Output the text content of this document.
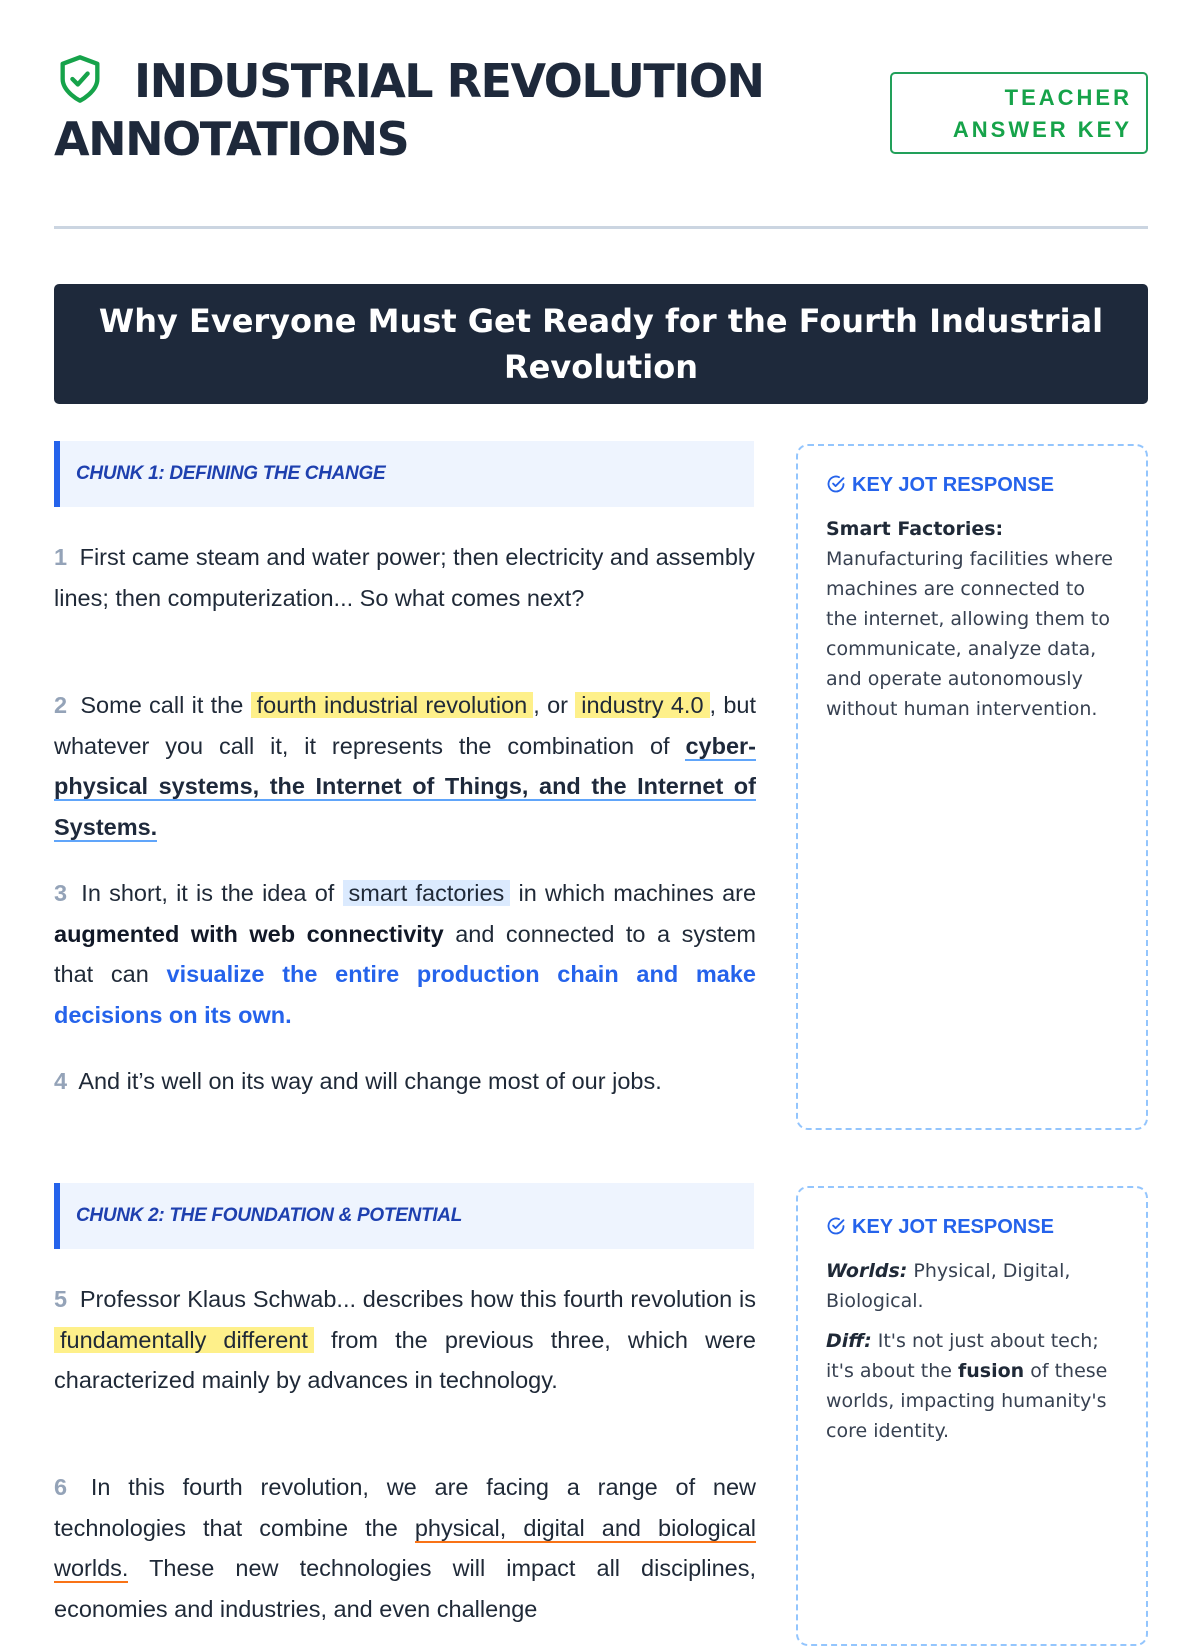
INDUSTRIAL REVOLUTION ANNOTATIONS
TEACHER ANSWER KEY
Why Everyone Must Get Ready for the Fourth Industrial Revolution
CHUNK 1: DEFINING THE CHANGE

1 First came steam and water power; then electricity and assembly lines; then computerization... So what comes next?

2 Some call it the fourth industrial revolution , or industry 4.0 , but whatever you call it, it represents the combination of cyber-physical systems, the Internet of Things, and the Internet of Systems.

3 In short, it is the idea of smart factories in which machines are augmented with web connectivity and connected to a system that can visualize the entire production chain and make decisions on its own.

4 And it’s well on its way and will change most of our jobs.

KEY JOT RESPONSE

Smart Factories: Manufacturing facilities where machines are connected to the internet, allowing them to communicate, analyze data, and operate autonomously without human intervention.

CHUNK 2: THE FOUNDATION & POTENTIAL

5 Professor Klaus Schwab... describes how this fourth revolution is fundamentally different from the previous three, which were characterized mainly by advances in technology.

6 In this fourth revolution, we are facing a range of new technologies that combine the physical, digital and biological worlds. These new technologies will impact all disciplines, economies and industries, and even challenge

KEY JOT RESPONSE

Worlds: Physical, Digital, Biological.

Diff: It's not just about tech; it's about the fusion of these worlds, impacting humanity's core identity.
